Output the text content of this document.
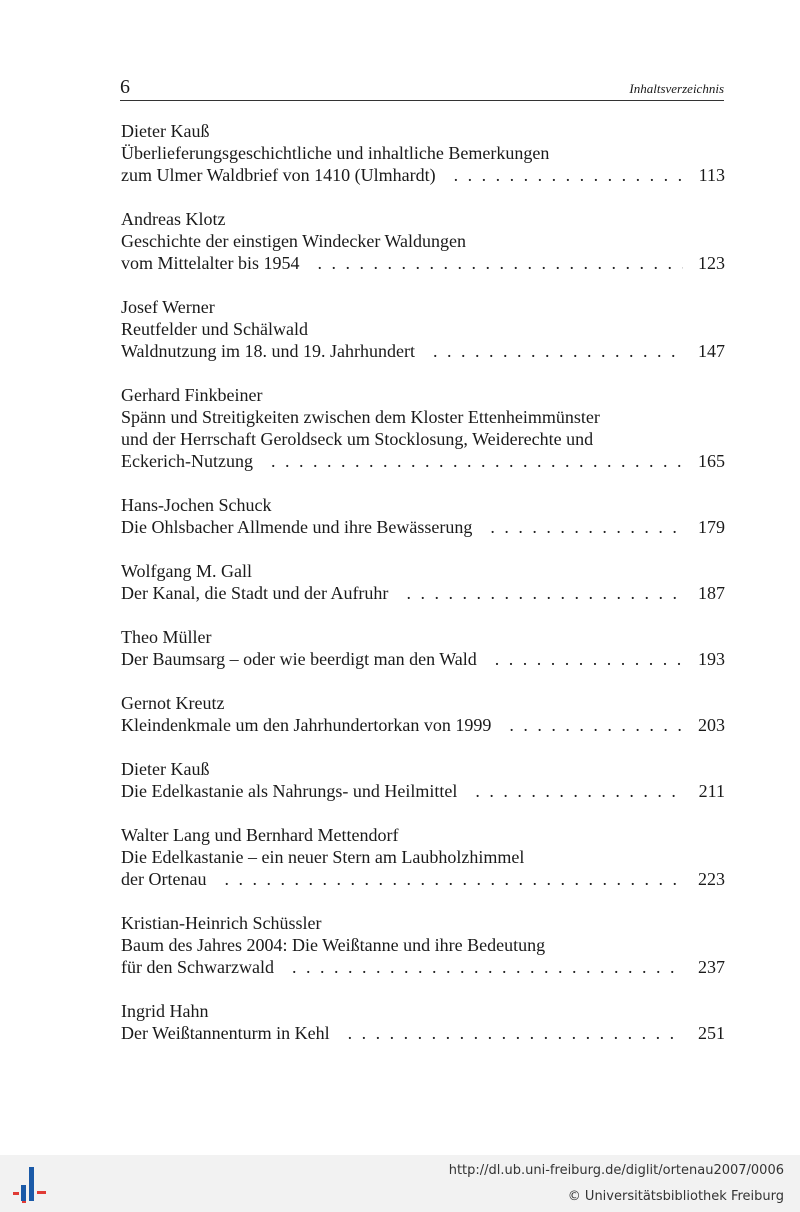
6	Inhaltsverzeichnis
Dieter Kauß
Überlieferungsgeschichtliche und inhaltliche Bemerkungen
zum Ulmer Waldbrief von 1410 (Ulmhardt) . . .	113
Andreas Klotz
Geschichte der einstigen Windecker Waldungen
vom Mittelalter bis 1954 . . .	123
Josef Werner
Reutfelder und Schälwald
Waldnutzung im 18. und 19. Jahrhundert . . .	147
Gerhard Finkbeiner
Spänn und Streitigkeiten zwischen dem Kloster Ettenheimmünster
und der Herrschaft Geroldseck um Stocklosung, Weiderechte und
Eckerich-Nutzung . . .	165
Hans-Jochen Schuck
Die Ohlsbacher Allmende und ihre Bewässerung . . .	179
Wolfgang M. Gall
Der Kanal, die Stadt und der Aufruhr . . .	187
Theo Müller
Der Baumsarg – oder wie beerdigt man den Wald . . .	193
Gernot Kreutz
Kleindenkmale um den Jahrhundertorkan von 1999 . . .	203
Dieter Kauß
Die Edelkastanie als Nahrungs- und Heilmittel . . .	211
Walter Lang und Bernhard Mettendorf
Die Edelkastanie – ein neuer Stern am Laubholzhimmel
der Ortenau . . .	223
Kristian-Heinrich Schüssler
Baum des Jahres 2004: Die Weißtanne und ihre Bedeutung
für den Schwarzwald . . .	237
Ingrid Hahn
Der Weißtannenturm in Kehl . . .	251
http://dl.ub.uni-freiburg.de/diglit/ortenau2007/0006
© Universitätsbibliothek Freiburg
